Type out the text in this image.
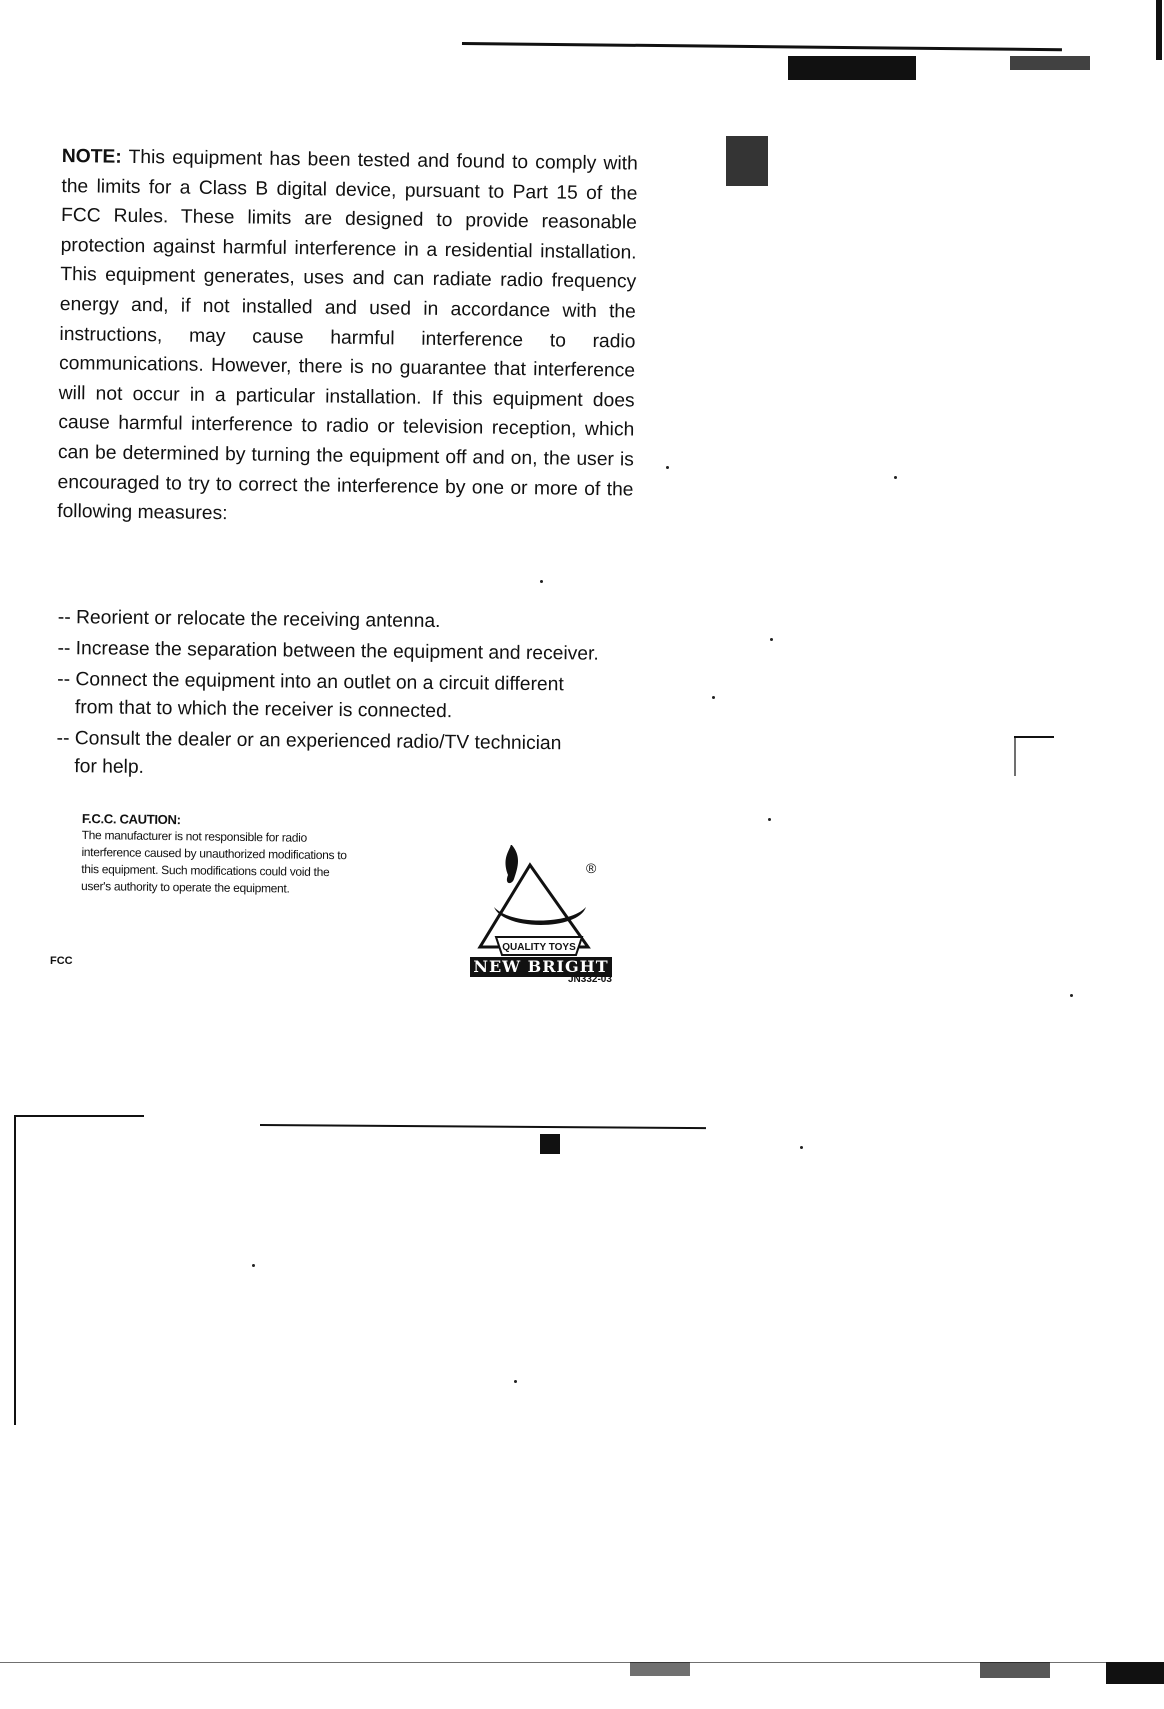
NOTE: This equipment has been tested and found to comply with the limits for a Class B digital device, pursuant to Part 15 of the FCC Rules. These limits are designed to provide reasonable protection against harmful interference in a residential installation. This equipment generates, uses and can radiate radio frequency energy and, if not installed and used in accordance with the instructions, may cause harmful interference to radio communications. However, there is no guarantee that interference will not occur in a particular installation. If this equipment does cause harmful interference to radio or television reception, which can be determined by turning the equipment off and on, the user is encouraged to try to correct the interference by one or more of the following measures:
-- Reorient or relocate the receiving antenna.
-- Increase the separation between the equipment and receiver.
-- Connect the equipment into an outlet on a circuit different
from that to which the receiver is connected.
-- Consult the dealer or an experienced radio/TV technician
for help.
F.C.C. CAUTION:
The manufacturer is not responsible for radio interference caused by unauthorized modifications to this equipment. Such modifications could void the user's authority to operate the equipment.
FCC
QUALITY TOYS
®
NEW BRIGHT
JN332-03
